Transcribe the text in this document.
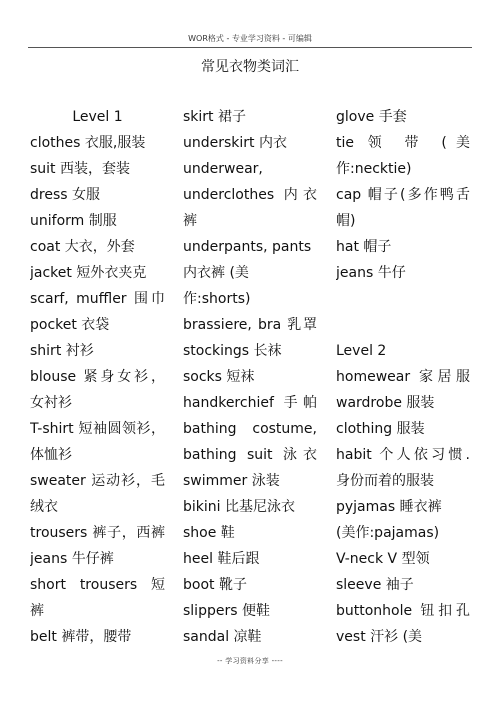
WOR格式 - 专业学习资料 - 可编辑
常见衣物类词汇
Level 1
clothes 衣服,服装
suit 西装，套装
dress 女服
uniform 制服
coat 大衣，外套
jacket 短外衣夹克
scarf, muffler 围巾
pocket 衣袋
shirt 衬衫
blouse 紧身女衫，
女衬衫
T-shirt 短袖圆领衫，
体恤衫
sweater 运动衫，毛
绒衣
trousers 裤子，西裤
jeans 牛仔裤
short trousers 短
裤
belt 裤带，腰带
skirt 裙子
underskirt 内衣
underwear,
underclothes 内衣
裤
underpants, pants
内衣裤 (美
作:shorts)
brassiere, bra 乳罩
stockings 长袜
socks 短袜
handkerchief 手帕
bathing costume,
bathing suit 泳衣
swimmer 泳装
bikini 比基尼泳衣
shoe 鞋
heel 鞋后跟
boot 靴子
slippers 便鞋
sandal 凉鞋
glove 手套
tie 领 带 (美
作:necktie)
cap 帽子(多作鸭舌
帽)
hat 帽子
jeans 牛仔
Level 2
homewear 家居服
wardrobe 服装
clothing 服装
habit 个人依习惯.
身份而着的服装
pyjamas 睡衣裤
(美作:pajamas)
V-neck V 型领
sleeve 袖子
buttonhole 钮扣孔
vest 汗衫 (美
-- 学习资料分享 ----
